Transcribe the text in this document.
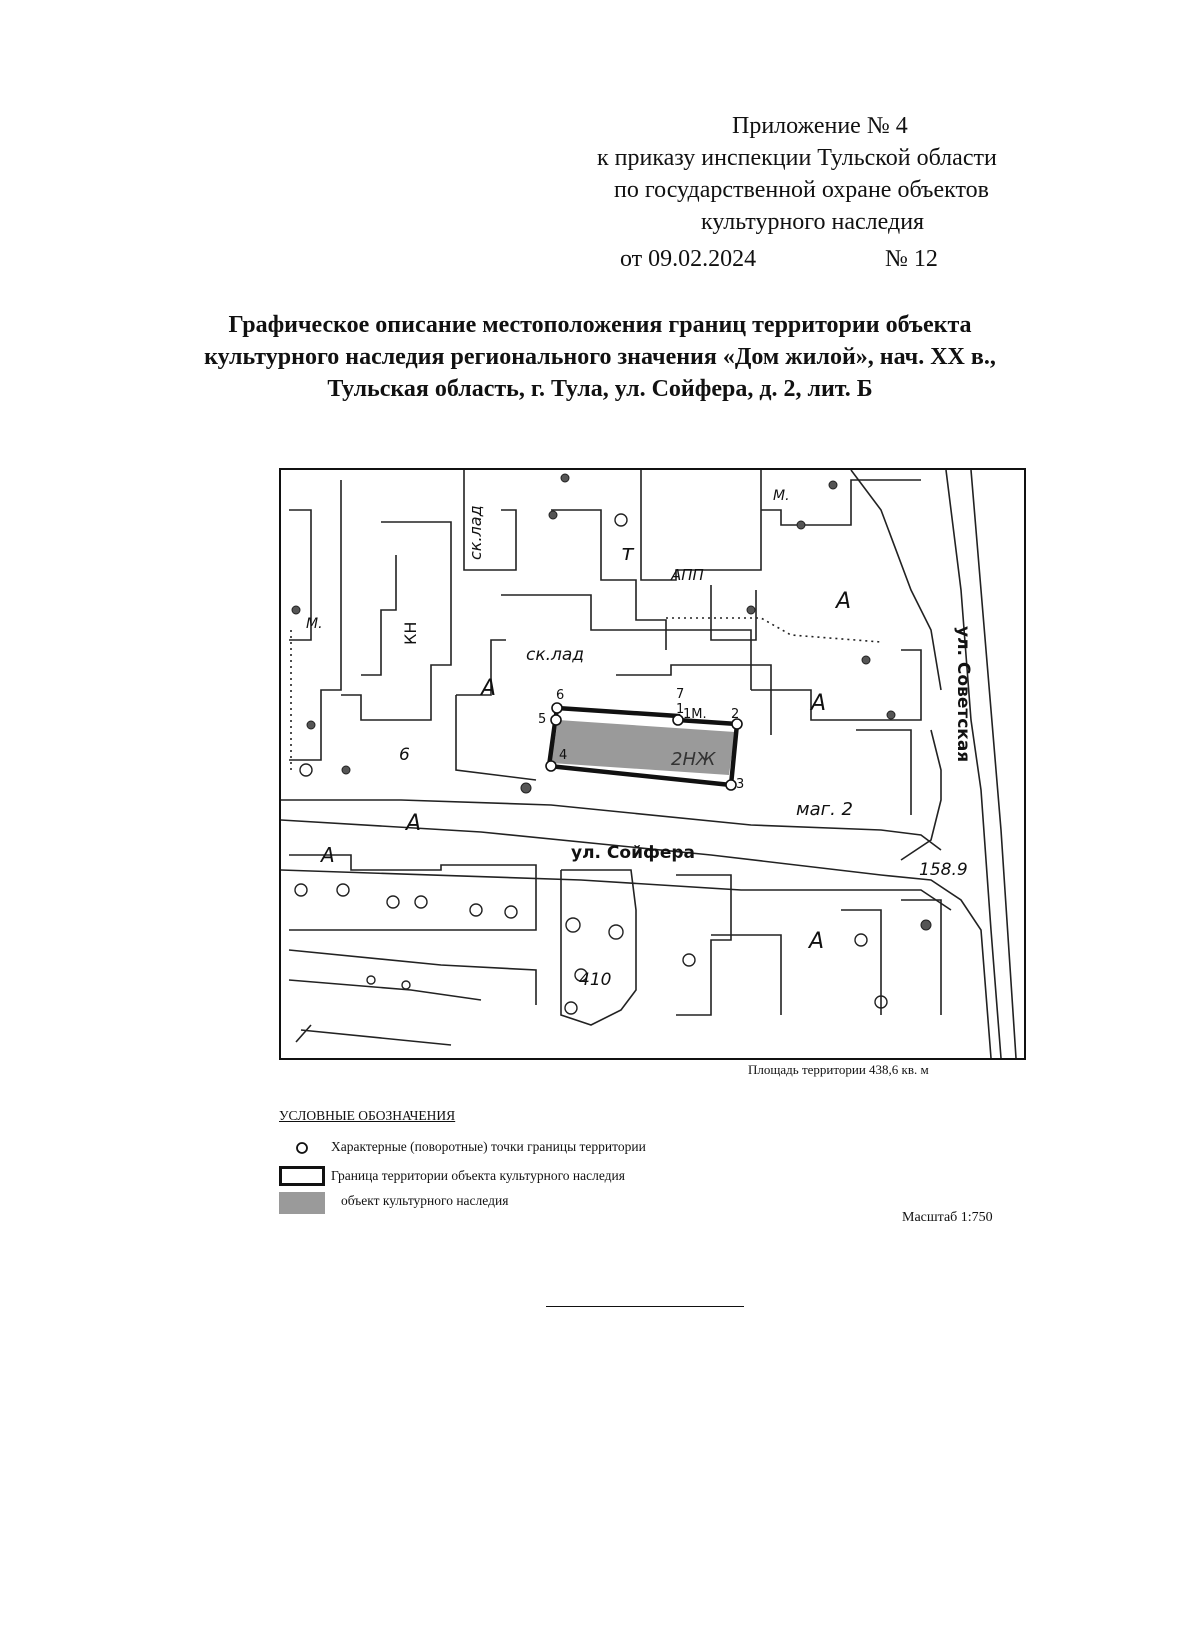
Приложение № 4
к приказу инспекции Тульской области
по государственной охране объектов
культурного наследия
от 09.02.2024	№ 12
Графическое описание местоположения границ территории объекта
культурного наследия регионального значения «Дом жилой», нач. XX в.,
Тульская область, г. Тула, ул. Сойфера, д. 2, лит. Б
1	2
3
4
5
6	7
2НЖ
ул. Сойфера
ул. Советская
ск.лад
ск.лад
маг. 2
КН
АПП
т
А
А
А
А
А
А
158.9
6
410
М.
М.
1М.
Площадь территории 438,6 кв. м
УСЛОВНЫЕ ОБОЗНАЧЕНИЯ
Характерные (поворотные) точки границы территории
Граница территории объекта культурного наследия
объект культурного наследия
Масштаб 1:750
